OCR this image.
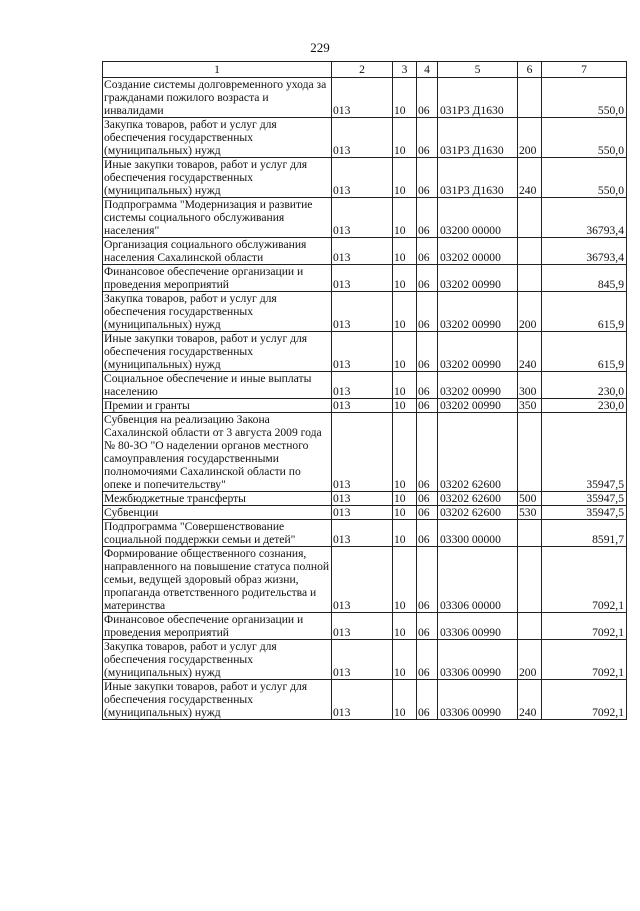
229
1	2	3	4	5	6	7
Создание системы долговременного ухода за гражданами пожилого возраста и инвалидами	013	10	06	031P3 Д1630		550,0
Закупка товаров, работ и услуг для обеспечения государственных (муниципальных) нужд	013	10	06	031P3 Д1630	200	550,0
Иные закупки товаров, работ и услуг для обеспечения государственных (муниципальных) нужд	013	10	06	031P3 Д1630	240	550,0
Подпрограмма "Модернизация и развитие системы социального обслуживания населения"	013	10	06	03200 00000		36793,4
Организация социального обслуживания населения Сахалинской области	013	10	06	03202 00000		36793,4
Финансовое обеспечение организации и проведения мероприятий	013	10	06	03202 00990		845,9
Закупка товаров, работ и услуг для обеспечения государственных (муниципальных) нужд	013	10	06	03202 00990	200	615,9
Иные закупки товаров, работ и услуг для обеспечения государственных (муниципальных) нужд	013	10	06	03202 00990	240	615,9
Социальное обеспечение и иные выплаты населению	013	10	06	03202 00990	300	230,0
Премии и гранты	013	10	06	03202 00990	350	230,0
Субвенция на реализацию Закона Сахалинской области от 3 августа 2009 года № 80-ЗО "О наделении органов местного самоуправления государственными полномочиями Сахалинской области по опеке и попечительству"	013	10	06	03202 62600		35947,5
Межбюджетные трансферты	013	10	06	03202 62600	500	35947,5
Субвенции	013	10	06	03202 62600	530	35947,5
Подпрограмма "Совершенствование социальной поддержки семьи и детей"	013	10	06	03300 00000		8591,7
Формирование общественного сознания, направленного на повышение статуса полной семьи, ведущей здоровый образ жизни, пропаганда ответственного родительства и материнства	013	10	06	03306 00000		7092,1
Финансовое обеспечение организации и проведения мероприятий	013	10	06	03306 00990		7092,1
Закупка товаров, работ и услуг для обеспечения государственных (муниципальных) нужд	013	10	06	03306 00990	200	7092,1
Иные закупки товаров, работ и услуг для обеспечения государственных (муниципальных) нужд	013	10	06	03306 00990	240	7092,1
